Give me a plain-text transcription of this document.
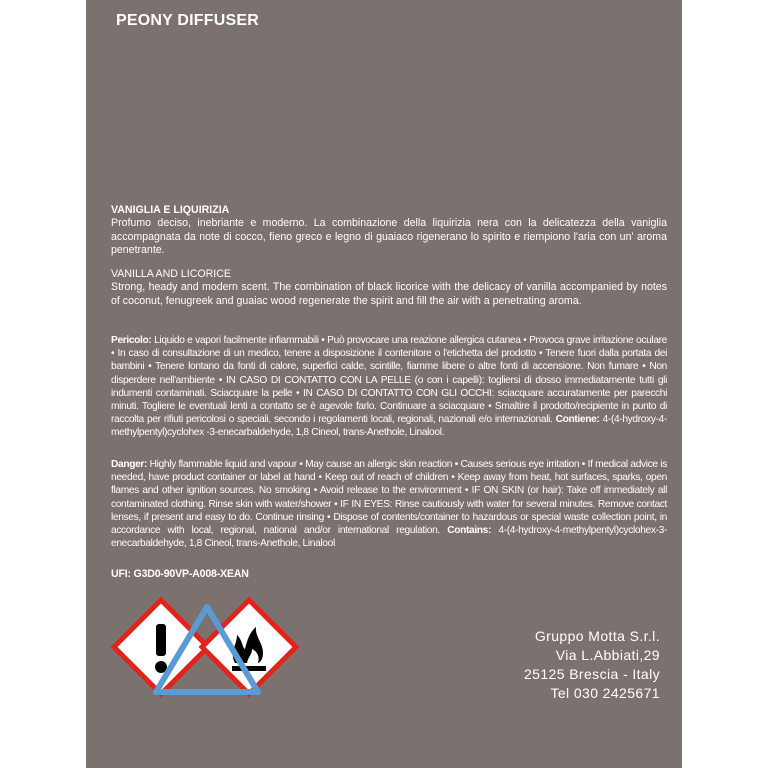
PEONY DIFFUSER
VANIGLIA E LIQUIRIZIA
Profumo deciso, inebriante e moderno. La combinazione della liquirizia nera con la delicatezza della vaniglia accompagnata da note di cocco, fieno greco e legno di guaiaco rigenerano lo spirito e riempiono l'aria con un' aroma penetrante.
VANILLA AND LICORICE
Strong, heady and modern scent. The combination of black licorice with the delicacy of vanilla accompanied by notes of coconut, fenugreek and guaiac wood regenerate the spirit and fill the air with a penetrating aroma.
Pericolo: Liquido e vapori facilmente infiammabili • Può provocare una reazione allergica cutanea • Provoca grave irritazione oculare • In caso di consultazione di un medico, tenere a disposizione il contenitore o l'etichetta del prodotto • Tenere fuori dalla portata dei bambini • Tenere lontano da fonti di calore, superfici calde, scintille, fiamme libere o altre fonti di accensione. Non fumare • Non disperdere nell'ambiente • IN CASO DI CONTATTO CON LA PELLE (o con i capelli): togliersi di dosso immediatamente tutti gli indumenti contaminati. Sciacquare la pelle • IN CASO DI CONTATTO CON GLI OCCHI: sciacquare accuratamente per parecchi minuti. Togliere le eventuali lenti a contatto se è agevole farlo. Continuare a sciacquare • Smaltire il prodotto/recipiente in punto di raccolta per rifiuti pericolosi o speciali, secondo i regolamenti locali, regionali, nazionali e/o internazionali. Contiene: 4-(4-hydroxy-4-methylpentyl)cyclohex -3-enecarbaldehyde, 1,8 Cineol, trans-Anethole, Linalool.
Danger: Highly flammable liquid and vapour • May cause an allergic skin reaction • Causes serious eye irritation • If medical advice is needed, have product container or label at hand • Keep out of reach of children • Keep away from heat, hot surfaces, sparks, open flames and other ignition sources. No smoking • Avoid release to the environment • IF ON SKIN (or hair): Take off immediately all contaminated clothing. Rinse skin with water/shower • IF IN EYES: Rinse cautiously with water for several minutes. Remove contact lenses, if present and easy to do. Continue rinsing • Dispose of contents/container to hazardous or special waste collection point, in accordance with local, regional, national and/or international regulation. Contains: 4-(4-hydroxy-4-methylpentyl)cyclohex-3- enecarbaldehyde, 1,8 Cineol, trans-Anethole, Linalool
UFI: G3D0-90VP-A008-XEAN
Gruppo Motta S.r.l.
Via L.Abbiati,29
25125 Brescia - Italy
Tel 030 2425671
